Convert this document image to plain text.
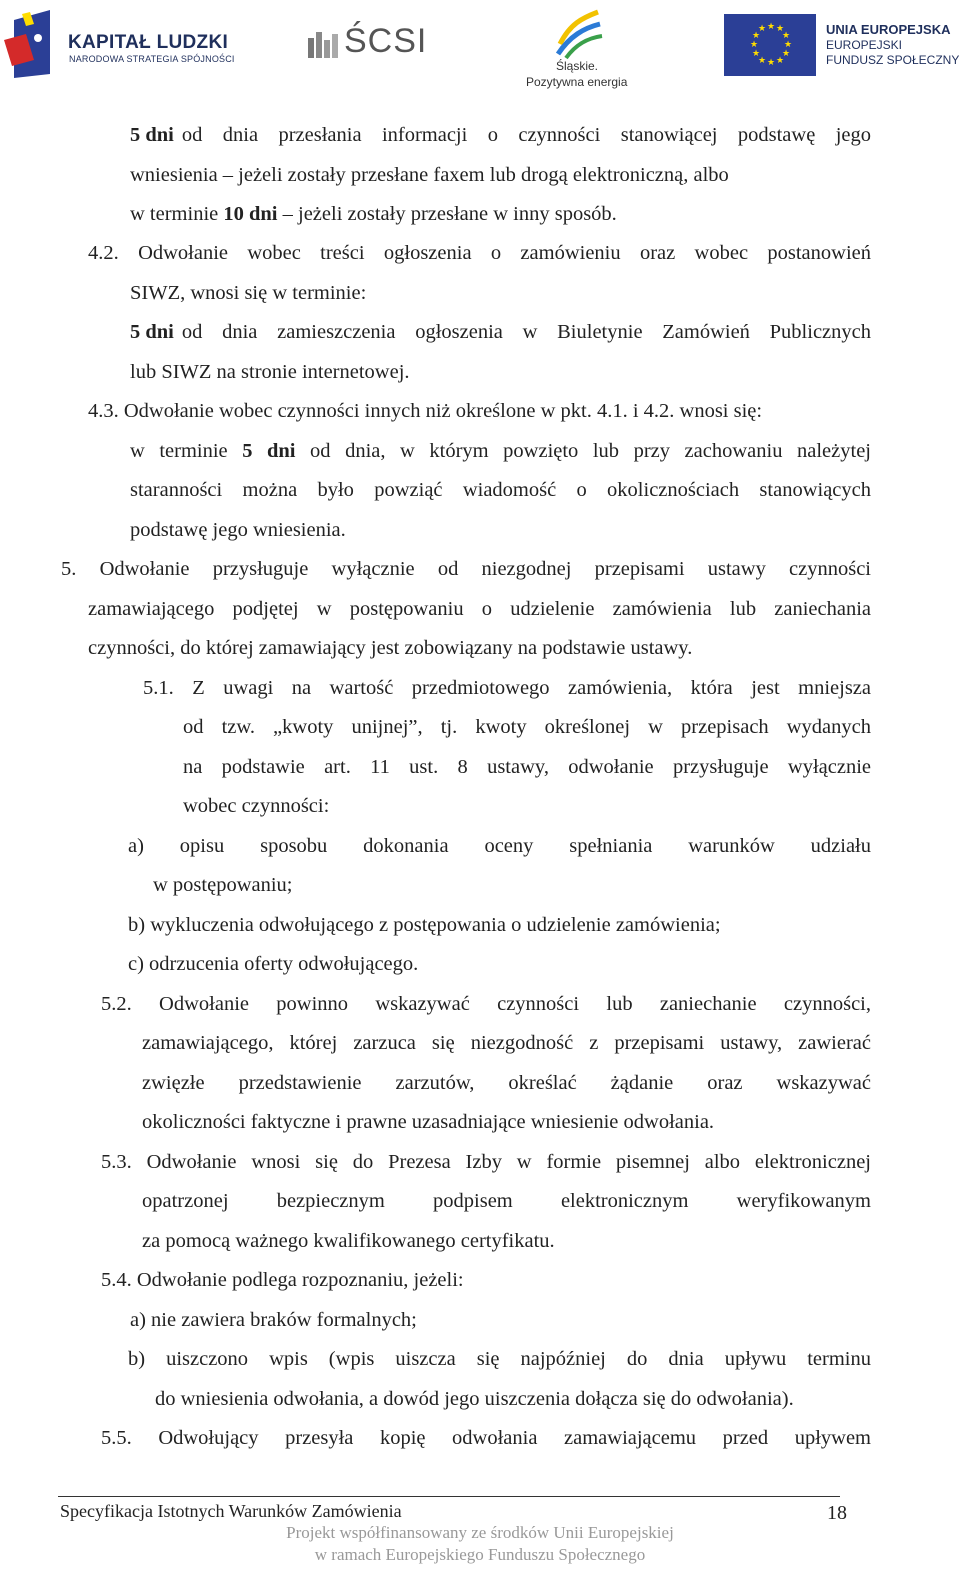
KAPITAŁ LUDZKI
NARODOWA STRATEGIA SPÓJNOŚCI	ŚCSI
Śląskie.
Pozytywna energia
★ ★
★
★
★
★
★
★
★
★
★
★	UNIA EUROPEJSKA
EUROPEJSKI
FUNDUSZ SPOŁECZNY
5 dni od dnia przesłania informacji o czynności stanowiącej podstawę jego
wniesienia – jeżeli zostały przesłane faxem lub drogą elektroniczną, albo
w terminie 10 dni – jeżeli zostały przesłane w inny sposób.
4.2. Odwołanie wobec treści ogłoszenia o zamówieniu oraz wobec postanowień
SIWZ, wnosi się w terminie:
5 dni od dnia zamieszczenia ogłoszenia w Biuletynie Zamówień Publicznych
lub SIWZ na stronie internetowej.
4.3. Odwołanie wobec czynności innych niż określone w pkt. 4.1. i 4.2. wnosi się:
w terminie 5 dni od dnia, w którym powzięto lub przy zachowaniu należytej
staranności można było powziąć wiadomość o okolicznościach stanowiących
podstawę jego wniesienia.
5. Odwołanie przysługuje wyłącznie od niezgodnej przepisami ustawy czynności
zamawiającego podjętej w postępowaniu o udzielenie zamówienia lub zaniechania
czynności, do której zamawiający jest zobowiązany na podstawie ustawy.
5.1. Z uwagi na wartość przedmiotowego zamówienia, która jest mniejsza
od tzw. „kwoty unijnej”, tj. kwoty określonej w przepisach wydanych
na podstawie art. 11 ust. 8 ustawy, odwołanie przysługuje wyłącznie
wobec czynności:
a) opisu sposobu dokonania oceny spełniania warunków udziału
w postępowaniu;
b) wykluczenia odwołującego z postępowania o udzielenie zamówienia;
c) odrzucenia oferty odwołującego.
5.2. Odwołanie powinno wskazywać czynności lub zaniechanie czynności,
zamawiającego, której zarzuca się niezgodność z przepisami ustawy, zawierać
zwięzłe przedstawienie zarzutów, określać żądanie oraz wskazywać
okoliczności faktyczne i prawne uzasadniające wniesienie odwołania.
5.3. Odwołanie wnosi się do Prezesa Izby w formie pisemnej albo elektronicznej
opatrzonej bezpiecznym podpisem elektronicznym weryfikowanym
za pomocą ważnego kwalifikowanego certyfikatu.
5.4. Odwołanie podlega rozpoznaniu, jeżeli:
a) nie zawiera braków formalnych;
b) uiszczono wpis (wpis uiszcza się najpóźniej do dnia upływu terminu
do wniesienia odwołania, a dowód jego uiszczenia dołącza się do odwołania).
5.5. Odwołujący przesyła kopię odwołania zamawiającemu przed upływem
Specyfikacja Istotnych Warunków Zamówienia	18
Projekt współfinansowany ze środków Unii Europejskiej
w ramach Europejskiego Funduszu Społecznego
